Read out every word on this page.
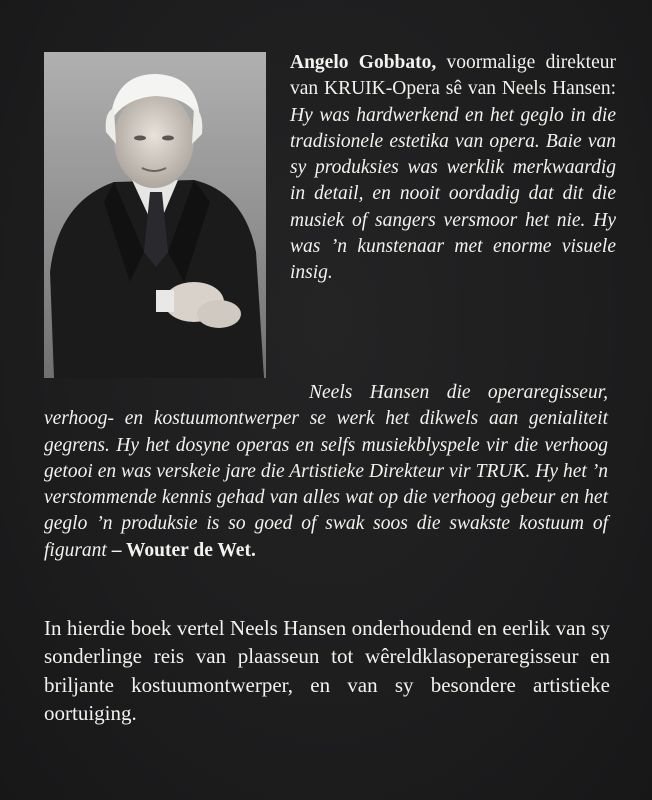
Angelo Gobbato, voormalige direkteur van KRUIK-Opera sê van Neels Hansen: Hy was hardwerkend en het geglo in die tradisionele estetika van opera. Baie van sy produksies was werklik merkwaardig in detail, en nooit oordadig dat dit die musiek of sangers versmoor het nie. Hy was ’n kunstenaar met enorme visuele insig.
Neels Hansen die operaregisseur, verhoog- en kostuumontwerper se werk het dikwels aan genialiteit gegrens. Hy het dosyne operas en selfs musiekblyspele vir die verhoog getooi en was verskeie jare die Artistieke Direkteur vir TRUK. Hy het ’n verstommende kennis gehad van alles wat op die verhoog gebeur en het geglo ’n produksie is so goed of swak soos die swakste kostuum of figurant – Wouter de Wet.
In hierdie boek vertel Neels Hansen onderhoudend en eerlik van sy sonderlinge reis van plaasseun tot wêreldklasoperaregisseur en briljante kostuumontwerper, en van sy besondere artistieke oortuiging.
